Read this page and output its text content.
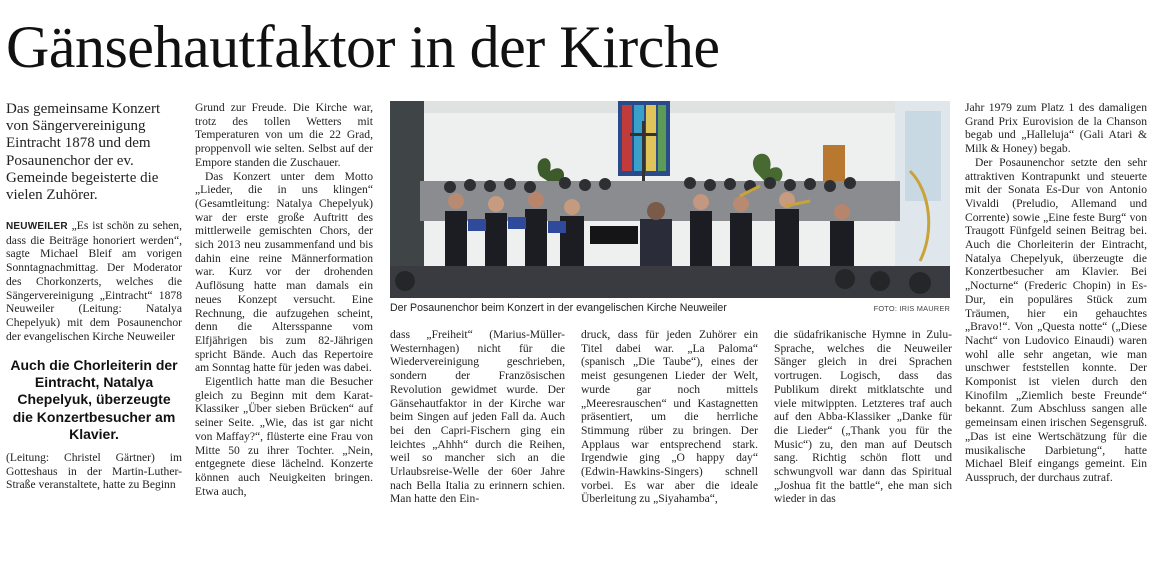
Gänsehautfaktor in der Kirche

Das gemeinsame Konzert von Sängervereinigung Eintracht 1878 und dem Posaunenchor der ev. Gemeinde begeisterte die vielen Zuhörer.

NEUWEILER „Es ist schön zu sehen, dass die Beiträge honoriert werden“, sagte Michael Bleif am vorigen Sonntagnachmittag. Der Moderator des Chorkonzerts, welches die Sängervereinigung „Eintracht“ 1878 Neuweiler (Leitung: Natalya Chepelyuk) mit dem Posaunenchor der evangelischen Kirche Neuweiler

Auch die Chorleiterin der Eintracht, Natalya Chepelyuk, überzeugte die Konzertbesucher am Klavier.

(Leitung: Christel Gärtner) im Gotteshaus in der Martin-Luther-Straße veranstaltete, hatte zu Beginn

Grund zur Freude. Die Kirche war, trotz des tollen Wetters mit Temperaturen von um die 22 Grad, proppenvoll wie selten. Selbst auf der Empore standen die Zuschauer.

Das Konzert unter dem Motto „Lieder, die in uns klingen“ (Gesamtleitung: Natalya Chepelyuk) war der erste große Auftritt des mittlerweile gemischten Chors, der sich 2013 neu zusammenfand und bis dahin eine reine Männerformation war. Kurz vor der drohenden Auflösung hatte man damals ein neues Konzept versucht. Eine Rechnung, die aufzugehen scheint, denn die Altersspanne vom Elfjährigen bis zum 82-Jährigen spricht Bände. Auch das Repertoire am Sonntag hatte für jeden was dabei.

Eigentlich hatte man die Besucher gleich zu Beginn mit dem Karat-Klassiker „Über sieben Brücken“ auf seiner Seite. „Wie, das ist gar nicht von Maffay?“, flüsterte eine Frau von Mitte 50 zu ihrer Tochter. „Nein, entgegnete diese lächelnd. Konzerte können auch Neuigkeiten bringen. Etwa auch,

Der Posaunenchor beim Konzert in der evangelischen Kirche Neuweiler	FOTO: IRIS MAURER

dass „Freiheit“ (Marius-Müller-Westernhagen) nicht für die Wiedervereinigung geschrieben, sondern der Französischen Revolution gewidmet wurde. Der Gänsehautfaktor in der Kirche war beim Singen auf jeden Fall da. Auch bei den Capri-Fischern ging ein leichtes „Ahhh“ durch die Reihen, weil so mancher sich an die Urlaubsreise-Welle der 60er Jahre nach Bella Italia zu erinnern schien. Man hatte den Ein-

druck, dass für jeden Zuhörer ein Titel dabei war. „La Paloma“ (spanisch „Die Taube“), eines der meist gesungenen Lieder der Welt, wurde gar noch mittels „Meeresrauschen“ und Kastagnetten präsentiert, um die herrliche Stimmung rüber zu bringen. Der Applaus war entsprechend stark. Irgendwie ging „O happy day“ (Edwin-Hawkins-Singers) schnell vorbei. Es war aber die ideale Überleitung zu „Siyahamba“,

die südafrikanische Hymne in Zulu-Sprache, welches die Neuweiler Sänger gleich in drei Sprachen vortrugen. Logisch, dass das Publikum direkt mitklatschte und viele mitwippten. Letzteres traf auch auf den Abba-Klassiker „Danke für die Lieder“ („Thank you für the Music“) zu, den man auf Deutsch sang. Richtig schön flott und schwungvoll war dann das Spiritual „Joshua fit the battle“, ehe man sich wieder in das

Jahr 1979 zum Platz 1 des damaligen Grand Prix Eurovision de la Chanson begab und „Halleluja“ (Gali Atari & Milk & Honey) begab.

Der Posaunenchor setzte den sehr attraktiven Kontrapunkt und steuerte mit der Sonata Es-Dur von Antonio Vivaldi (Preludio, Allemand und Corrente) sowie „Eine feste Burg“ von Traugott Fünfgeld seinen Beitrag bei. Auch die Chorleiterin der Eintracht, Natalya Chepelyuk, überzeugte die Konzertbesucher am Klavier. Bei „Nocturne“ (Frederic Chopin) in Es-Dur, ein populäres Stück zum Träumen, hier ein gehauchtes „Bravo!“. Von „Questa notte“ („Diese Nacht“ von Ludovico Einaudi) waren wohl alle sehr angetan, wie man unschwer feststellen konnte. Der Komponist ist vielen durch den Kinofilm „Ziemlich beste Freunde“ bekannt. Zum Abschluss sangen alle gemeinsam einen irischen Segensgruß. „Das ist eine Wertschätzung für die musikalische Darbietung“, hatte Michael Bleif eingangs gemeint. Ein Ausspruch, der durchaus zutraf.
